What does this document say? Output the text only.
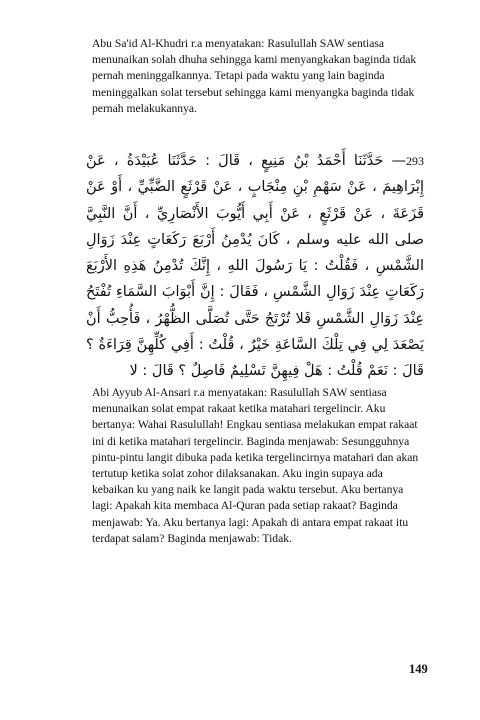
Abu Sa'id Al-Khudri r.a menyatakan: Rasulullah SAW sentiasa menunaikan solah dhuha sehingga kami menyangkakan baginda tidak pernah meninggalkannya. Tetapi pada waktu yang lain baginda meninggalkan solat tersebut sehingga kami menyangka baginda tidak pernah melakukannya.

293— حَدَّثَنَا أَحْمَدُ بْنُ مَنِيعٍ ، قَالَ : حَدَّثَنَا عُبَيْدَةُ ، عَنْ إِبْرَاهِيمَ ، عَنْ سَهْمِ بْنِ مِنْجَابٍ ، عَنْ قَرْثَعٍ الضَّبِّيِّ ، أَوْ عَنْ قَزَعَةَ ، عَنْ قَرْثَعٍ ، عَنْ أَبِي أَيُّوبَ الأَنْصَارِيِّ ، أَنَّ النَّبِيَّ صلى الله عليه وسلم ، كَانَ يُدْمِنُ أَرْبَعَ رَكَعَاتٍ عِنْدَ زَوَالِ الشَّمْسِ ، فَقُلْتُ : يَا رَسُولَ اللهِ ، إِنَّكَ تُدْمِنُ هَذِهِ الأَرْبَعَ رَكَعَاتٍ عِنْدَ زَوَالِ الشَّمْسِ ، فَقَالَ : إِنَّ أَبْوَابَ السَّمَاءِ تُفْتَحُ عِنْدَ زَوَالِ الشَّمْسِ فَلا تُرْتَجُ حَتَّى تُصَلَّى الظُّهْرُ ، فَأُحِبُّ أَنْ يَصْعَدَ لِي فِي تِلْكَ السَّاعَةِ خَيْرٌ ، قُلْتُ : أَفِي كُلِّهِنَّ قِرَاءَةٌ ؟ قَالَ : نَعَمْ قُلْتُ : هَلْ فِيهِنَّ تَسْلِيمٌ فَاصِلٌ ؟ قَالَ : لا

Abi Ayyub Al-Ansari r.a menyatakan: Rasulullah SAW sentiasa menunaikan solat empat rakaat ketika matahari tergelincir. Aku bertanya: Wahai Rasulullah! Engkau sentiasa melakukan empat rakaat ini di ketika matahari tergelincir. Baginda menjawab: Sesungguhnya pintu-pintu langit dibuka pada ketika tergelincirnya matahari dan akan tertutup ketika solat zohor dilaksanakan. Aku ingin supaya ada kebaikan ku yang naik ke langit pada waktu tersebut. Aku bertanya lagi: Apakah kita membaca Al-Quran pada setiap rakaat? Baginda menjawab: Ya. Aku bertanya lagi: Apakah di antara empat rakaat itu terdapat salam? Baginda menjawab: Tidak.

149
